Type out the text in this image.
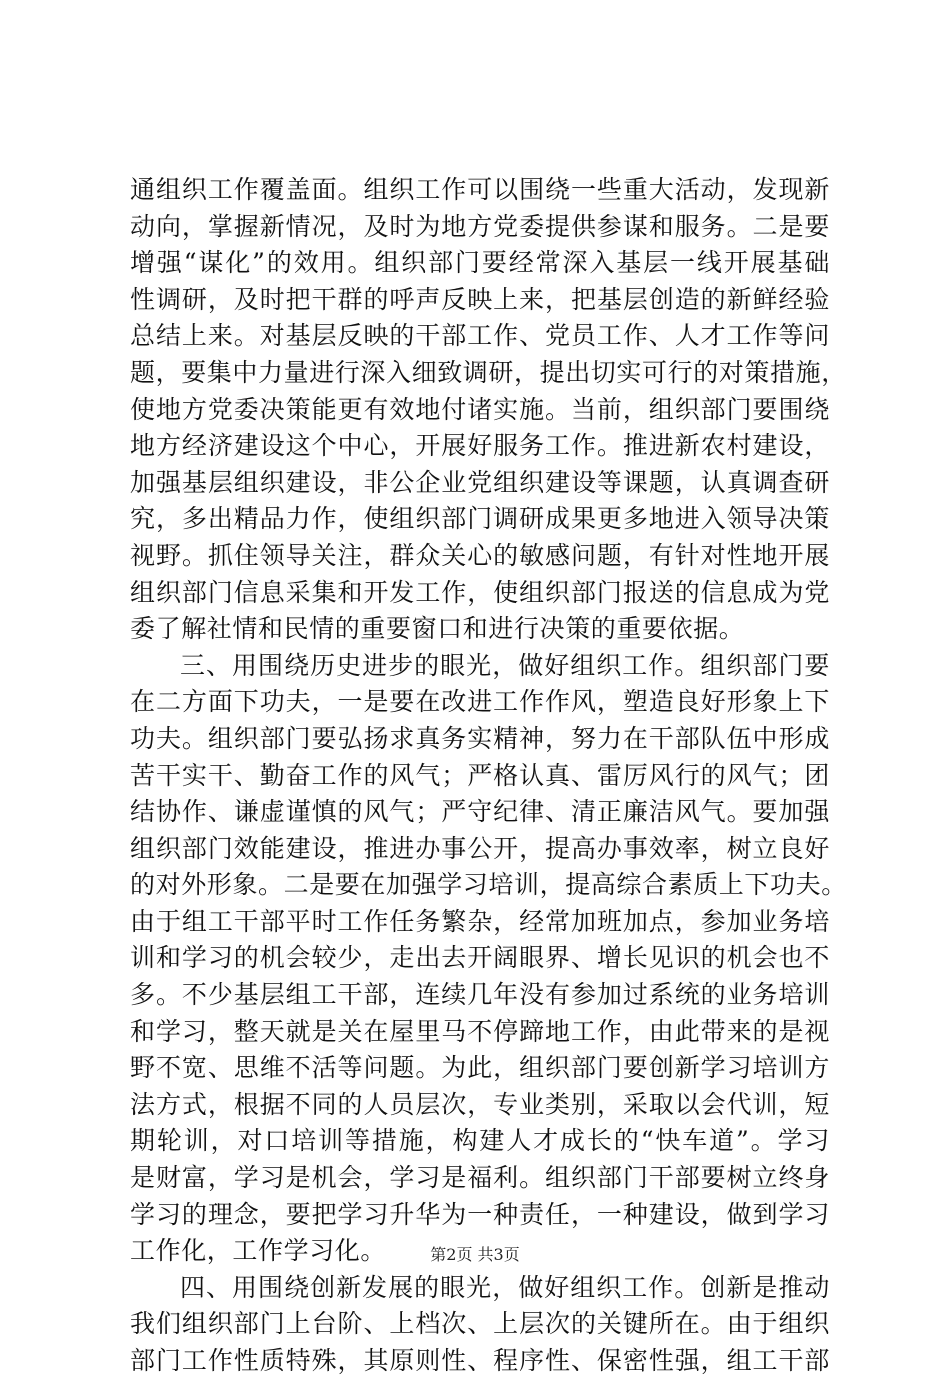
通组织工作覆盖面。组织工作可以围绕一些重大活动，发现新
动向，掌握新情况，及时为地方党委提供参谋和服务。二是要
增强“谋化”的效用。组织部门要经常深入基层一线开展基础
性调研，及时把干群的呼声反映上来，把基层创造的新鲜经验
总结上来。对基层反映的干部工作、党员工作、人才工作等问
题，要集中力量进行深入细致调研，提出切实可行的对策措施，
使地方党委决策能更有效地付诸实施。当前，组织部门要围绕
地方经济建设这个中心，开展好服务工作。推进新农村建设，
加强基层组织建设，非公企业党组织建设等课题，认真调查研
究，多出精品力作，使组织部门调研成果更多地进入领导决策
视野。抓住领导关注，群众关心的敏感问题，有针对性地开展
组织部门信息采集和开发工作，使组织部门报送的信息成为党
委了解社情和民情的重要窗口和进行决策的重要依据。
三、用围绕历史进步的眼光，做好组织工作。组织部门要
在二方面下功夫，一是要在改进工作作风，塑造良好形象上下
功夫。组织部门要弘扬求真务实精神，努力在干部队伍中形成
苦干实干、勤奋工作的风气；严格认真、雷厉风行的风气；团
结协作、谦虚谨慎的风气；严守纪律、清正廉洁风气。要加强
组织部门效能建设，推进办事公开，提高办事效率，树立良好
的对外形象。二是要在加强学习培训，提高综合素质上下功夫。
由于组工干部平时工作任务繁杂，经常加班加点，参加业务培
训和学习的机会较少，走出去开阔眼界、增长见识的机会也不
多。不少基层组工干部，连续几年没有参加过系统的业务培训
和学习，整天就是关在屋里马不停蹄地工作，由此带来的是视
野不宽、思维不活等问题。为此，组织部门要创新学习培训方
法方式，根据不同的人员层次，专业类别，采取以会代训，短
期轮训，对口培训等措施，构建人才成长的“快车道”。学习
是财富，学习是机会，学习是福利。组织部门干部要树立终身
学习的理念，要把学习升华为一种责任，一种建设，做到学习
工作化，工作学习化。
四、用围绕创新发展的眼光，做好组织工作。创新是推动
我们组织部门上台阶、上档次、上层次的关键所在。由于组织
部门工作性质特殊，其原则性、程序性、保密性强，组工干部
第2页 共3页
